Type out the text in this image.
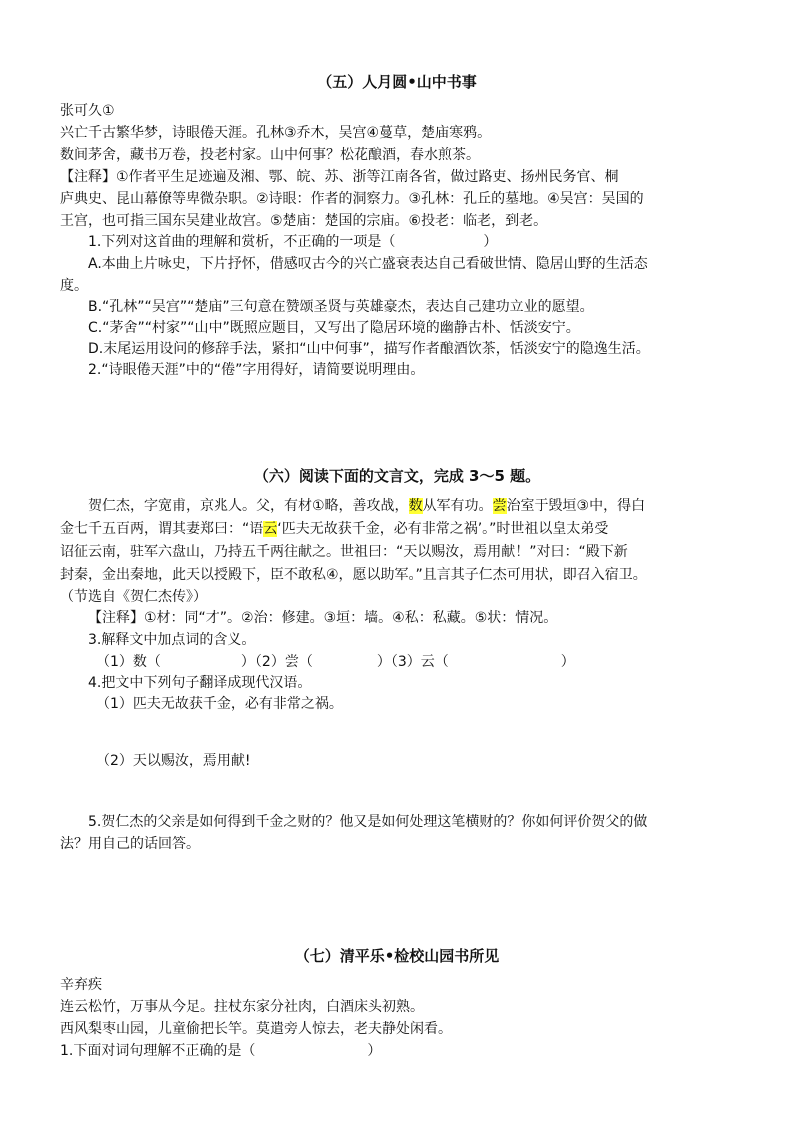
（五）人月圆•山中书事
张可久①
兴亡千古繁华梦，诗眼倦天涯。孔林③乔木，吴宫④蔓草，楚庙寒鸦。
数间茅舍，藏书万卷，投老村家。山中何事？松花酿酒，春水煎茶。
【注释】①作者平生足迹遍及湘、鄂、皖、苏、浙等江南各省，做过路吏、扬州民务官、桐
庐典史、昆山幕僚等卑微杂职。②诗眼：作者的洞察力。③孔林：孔丘的墓地。④吴宫：吴国的
王宫，也可指三国东吴建业故宫。⑤楚庙：楚国的宗庙。⑥投老：临老，到老。
1.下列对这首曲的理解和赏析，不正确的一项是（	）
A.本曲上片咏史，下片抒怀，借感叹古今的兴亡盛衰表达自己看破世情、隐居山野的生活态
度。
B.“孔林”“吴宫”“楚庙”三句意在赞颂圣贤与英雄豪杰，表达自己建功立业的愿望。
C.“茅舍”“村家”“山中”既照应题目，又写出了隐居环境的幽静古朴、恬淡安宁。
D.末尾运用设问的修辞手法，紧扣“山中何事”，描写作者酿酒饮茶，恬淡安宁的隐逸生活。
2.“诗眼倦天涯”中的“倦”字用得好，请简要说明理由。
（六）阅读下面的文言文，完成 3～5 题。
贺仁杰，字宽甫，京兆人。父，有材①略，善攻战，数从军有功。尝治室于毁垣③中，得白
金七千五百两，谓其妻郑曰：“语云‘匹夫无故获千金，必有非常之祸’。”时世祖以皇太弟受
诏征云南，驻军六盘山，乃持五千两往献之。世祖曰：“天以赐汝，焉用献！”对曰：“殿下新
封秦，金出秦地，此天以授殿下，臣不敢私④，愿以助军。”且言其子仁杰可用状，即召入宿卫。
（节选自《贺仁杰传》）
【注释】①材：同“才”。②治：修建。③垣：墙。④私：私藏。⑤状：情况。
3.解释文中加点词的含义。
（1）数（	）（2）尝（	）（3）云（	）
4.把文中下列句子翻译成现代汉语。
（1）匹夫无故获千金，必有非常之祸。
（2）天以赐汝，焉用献!
5.贺仁杰的父亲是如何得到千金之财的？他又是如何处理这笔横财的？你如何评价贺父的做
法？用自己的话回答。
（七）清平乐•检校山园书所见
辛弃疾
连云松竹，万事从今足。拄杖东家分社肉，白酒床头初熟。
西风梨枣山园，儿童偷把长竿。莫遣旁人惊去，老夫静处闲看。
1.下面对词句理解不正确的是（	）
